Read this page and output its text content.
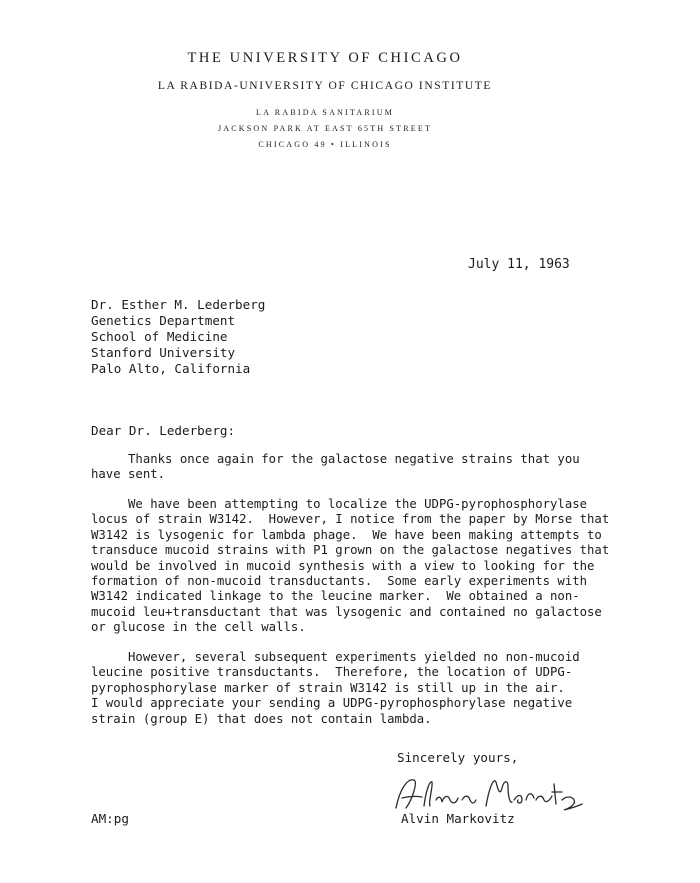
THE UNIVERSITY OF CHICAGO
LA RABIDA-UNIVERSITY OF CHICAGO INSTITUTE
LA RABIDA SANITARIUM
JACKSON PARK AT EAST 65TH STREET
CHICAGO 49 • ILLINOIS
July 11, 1963
Dr. Esther M. Lederberg
Genetics Department
School of Medicine
Stanford University
Palo Alto, California
Dear Dr. Lederberg:
Thanks once again for the galactose negative strains that you
have sent.
We have been attempting to localize the UDPG-pyrophosphorylase
locus of strain W3142.  However, I notice from the paper by Morse that
W3142 is lysogenic for lambda phage.  We have been making attempts to
transduce mucoid strains with P1 grown on the galactose negatives that
would be involved in mucoid synthesis with a view to looking for the
formation of non-mucoid transductants.  Some early experiments with
W3142 indicated linkage to the leucine marker.  We obtained a non-
mucoid leu+transductant that was lysogenic and contained no galactose
or glucose in the cell walls.
However, several subsequent experiments yielded no non-mucoid
leucine positive transductants.  Therefore, the location of UDPG-
pyrophosphorylase marker of strain W3142 is still up in the air.
I would appreciate your sending a UDPG-pyrophosphorylase negative
strain (group E) that does not contain lambda.
Sincerely yours,
Alvin Markovitz
AM:pg
